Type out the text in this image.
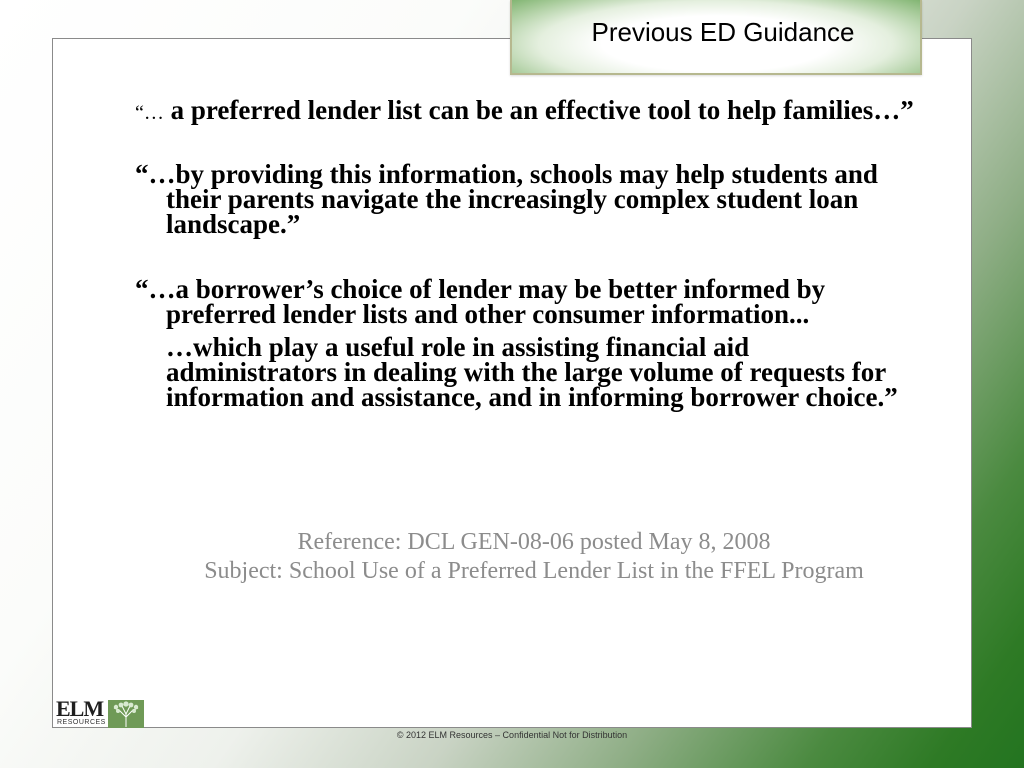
Previous ED Guidance
“… a preferred lender list can be an effective tool to help families…”
“…by providing this information, schools may help students and their parents navigate the increasingly complex student loan landscape.”
“…a borrower’s choice of lender may be better informed by preferred lender lists and other consumer information...
…which play a useful role in assisting financial aid administrators in dealing with the large volume of requests for information and assistance, and in informing borrower choice.”
Reference: DCL GEN-08-06 posted May 8, 2008
Subject: School Use of a Preferred Lender List in the FFEL Program
ELM
RESOURCES
© 2012 ELM Resources – Confidential Not for Distribution
